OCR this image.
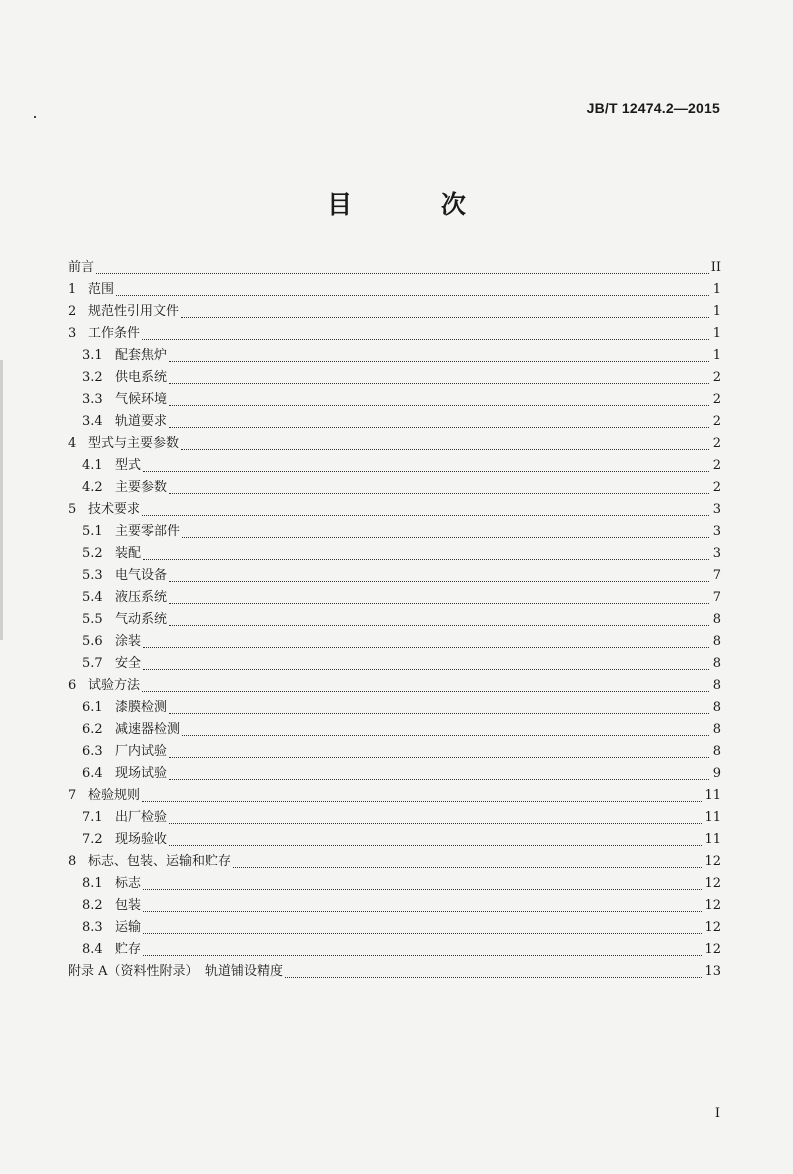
JB/T 12474.2—2015
目 次
前言	II
1 范围	1
2 规范性引用文件	1
3 工作条件	1
3.1 配套焦炉	1
3.2 供电系统	2
3.3 气候环境	2
3.4 轨道要求	2
4 型式与主要参数	2
4.1 型式	2
4.2 主要参数	2
5 技术要求	3
5.1 主要零部件	3
5.2 装配	3
5.3 电气设备	7
5.4 液压系统	7
5.5 气动系统	8
5.6 涂装	8
5.7 安全	8
6 试验方法	8
6.1 漆膜检测	8
6.2 减速器检测	8
6.3 厂内试验	8
6.4 现场试验	9
7 检验规则	11
7.1 出厂检验	11
7.2 现场验收	11
8 标志、包装、运输和贮存	12
8.1 标志	12
8.2 包装	12
8.3 运输	12
8.4 贮存	12
附录 A（资料性附录）　轨道铺设精度	13
I
